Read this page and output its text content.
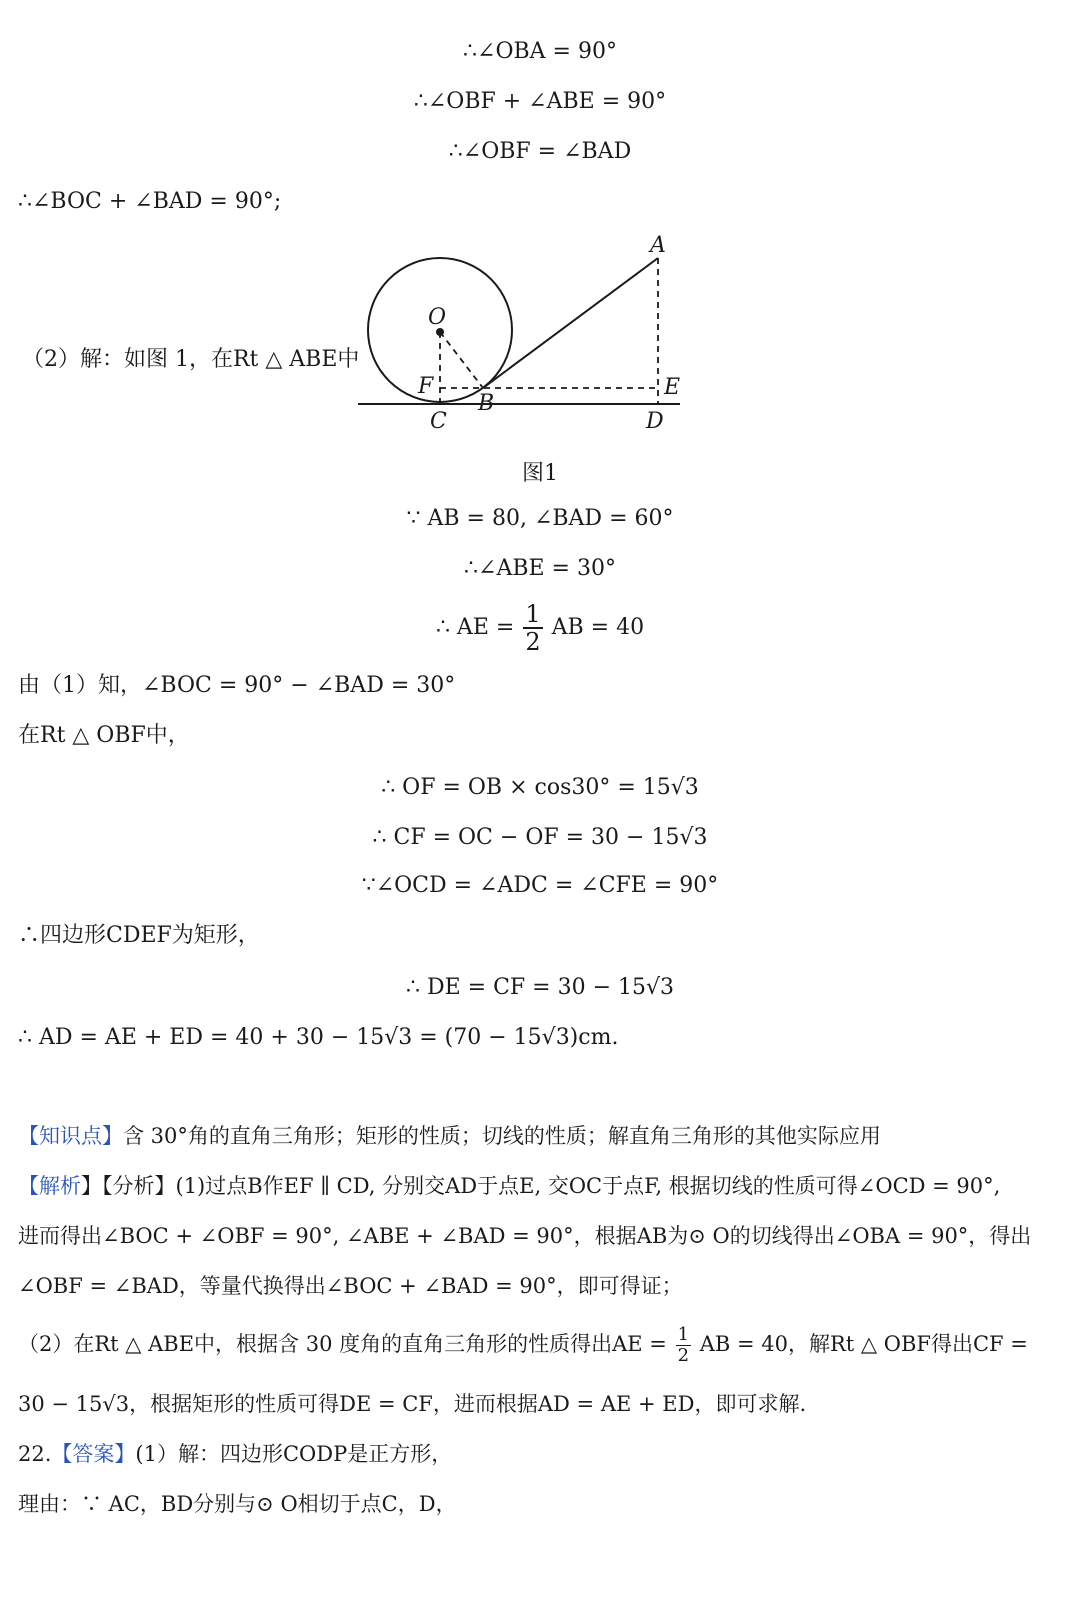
∴∠OBA = 90°
∴∠OBF + ∠ABE = 90°
∴∠OBF = ∠BAD
∴∠BOC + ∠BAD = 90°;
（2）解：如图 1，在Rt △ ABE中
A
O
F	E
C
B
D
图1
∵ AB = 80, ∠BAD = 60°
∴∠ABE = 30°
∴ AE = $\frac{1}{2}$ AB = 40
由（1）知，∠BOC = 90° − ∠BAD = 30°
在Rt △ OBF中，
∴ OF = OB × cos30° = 15√3
∴ CF = OC − OF = 30 − 15√3
∵∠OCD = ∠ADC = ∠CFE = 90°
∴四边形CDEF为矩形，
∴ DE = CF = 30 − 15√3
∴ AD = AE + ED = 40 + 30 − 15√3 = (70 − 15√3)cm.
【知识点】含 30°角的直角三角形；矩形的性质；切线的性质；解直角三角形的其他实际应用
【解析】【分析】(1)过点B作EF ∥ CD, 分别交AD于点E, 交OC于点F, 根据切线的性质可得∠OCD = 90°,
进而得出∠BOC + ∠OBF = 90°, ∠ABE + ∠BAD = 90°，根据AB为⊙ O的切线得出∠OBA = 90°，得出
∠OBF = ∠BAD，等量代换得出∠BOC + ∠BAD = 90°，即可得证；
（2）在Rt △ ABE中，根据含 30 度角的直角三角形的性质得出AE = $\frac{1}{2}$ AB = 40，解Rt △ OBF得出CF =
30 − 15√3，根据矩形的性质可得DE = CF，进而根据AD = AE + ED，即可求解.
22.【答案】(1）解：四边形CODP是正方形，
理由：∵ AC，BD分别与⊙ O相切于点C，D，
